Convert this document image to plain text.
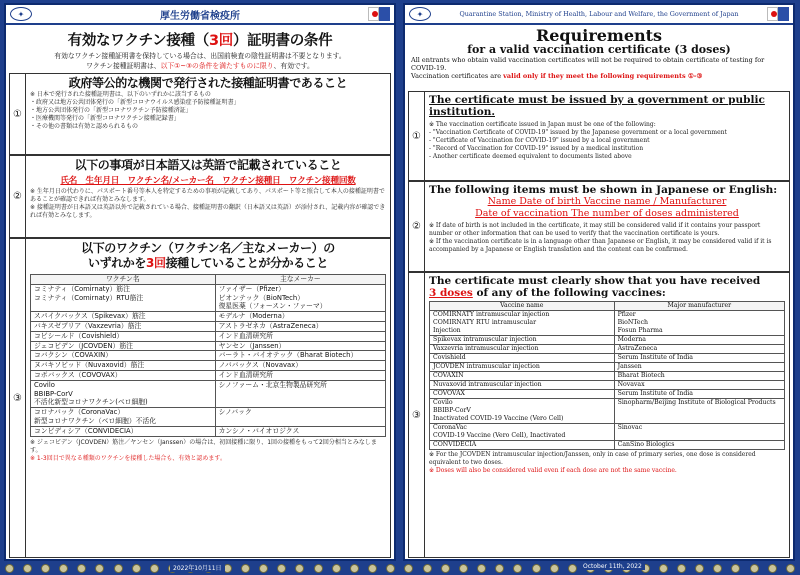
✦	厚生労働省検疫所
有効なワクチン接種（3回）証明書の条件
有効なワクチン接種証明書を保持している場合は、出国前検査の陰性証明書は不要となります。
ワクチン接種証明書は、以下①~③の条件を満たすものに限り、有効です。
①
政府等公的な機関で発行された接種証明書であること
※ 日本で発行された接種証明書は、以下のいずれかに該当するもの
・政府又は地方公共団体発行の「新型コロナウイルス感染症予防接種証明書」
・地方公共団体発行の「新型コロナワクチン予防接種済証」
・医療機関等発行の「新型コロナワクチン接種記録書」
・その他の書類は有効と認められるもの
②
以下の事項が日本語又は英語で記載されていること
氏名　生年月日　ワクチン名/メーカー名　ワクチン接種日　ワクチン接種回数
※ 生年月日の代わりに、パスポート番号等本人を特定するための事項が記載してあり、パスポート等と照合して本人の接種証明書であることが確認できれば有効とみなします。
※ 接種証明書が日本語又は英語以外で記載されている場合、接種証明書の翻訳（日本語又は英語）が添付され、記載内容が確認できれば有効とみなします。
③
以下のワクチン（ワクチン名／主なメーカー）の
いずれかを3回接種していることが分かること
ワクチン名	主なメーカー
コミナティ（Comirnaty）筋注
コミナティ（Comirnaty）RTU筋注	ファイザー（Pfizer）
ビオンテック（BioNTech）
復星医薬（フォースン・ファーマ）
スパイクバックス（Spikevax）筋注	モデルナ（Moderna）
バキスゼブリア（Vaxzevria）筋注	アストラゼネカ（AstraZeneca）
コビシールド（Covishield）	インド血清研究所
ジェコビデン（JCOVDEN）筋注	ヤンセン（Janssen）
コバクシン（COVAXIN）	バーラト・バイオテック（Bharat Biotech）
ヌバキソビッド（Nuvaxovid）筋注	ノババックス（Novavax）
コボバックス（COVOVAX）	インド血清研究所
Covilo
BBIBP-CorV
不活化新型コロナワクチン(ベロ細胞)	シノファーム・北京生物製品研究所
コロナバック（CoronaVac）
新型コロナワクチン（ベロ細胞）不活化	シノバック
コンビディシア（CONVIDECIA）	カンシノ・バイオロジクス
※ ジェコビデン（JCOVDEN）筋注／ヤンセン（Janssen）の場合は、初回接種に限り、1回の接種をもって2回分相当とみなします。
※ 1-3回目で異なる種類のワクチンを接種した場合も、有効と認めます。
✦	Quarantine Station, Ministry of Health, Labour and Welfare, the Government of Japan
Requirements
for a valid vaccination certificate (3 doses)
All entrants who obtain valid vaccination certificates will not be required to obtain certificate of testing for COVID-19.
Vaccination certificates are valid only if they meet the following requirements ①-③
①
The certificate must be issued by a government or public institution.
※ The vaccination certificate issued in Japan must be one of the following:
- "Vaccination Certificate of COVID-19" issued by the Japanese government or a local government
- "Certificate of Vaccination for COVID-19" issued by a local government
- "Record of Vaccination for COVID-19" issued by a medical institution
- Another certificate deemed equivalent to documents listed above
②
The following items must be shown in Japanese or English:
Name Date of birth Vaccine name / Manufacturer
Date of vaccination The number of doses administered
※ If date of birth is not included in the certificate, it may still be considered valid if it contains your passport number or other information that can be used to verify that the vaccination certificate is yours.
※ If the vaccination certificate is in a language other than Japanese or English, it may be considered valid if it is accompanied by a Japanese or English translation and the content can be confirmed.
③
The certificate must clearly show that you have received
3 doses of any of the following vaccines:
Vaccine name	Major manufacturer
COMIRNATY intramuscular injection
COMIRNATY RTU intramuscular
Injection	Pfizer
BioNTech
Fosun Pharma
Spikevax intramuscular injection	Moderna
Vaxzevria intramuscular injection	AstraZeneca
Covishield	Serum Institute of India
JCOVDEN intramuscular injection	Janssen
COVAXIN	Bharat Biotech
Nuvaxovid intramuscular injection	Novavax
COVOVAX	Serum Institute of India
Covilo
BBIBP-CorV
Inactivated COVID-19 Vaccine (Vero Cell)	Sinopharm/Beijing Institute of Biological Products
CoronaVac
COVID-19 Vaccine (Vero Cell), Inactivated	Sinovac
CONVIDECIA	CanSino Biologics
※ For the JCOVDEN intramuscular injection/Janssen, only in case of primary series, one dose is considered equivalent to two doses.
※ Doses will also be considered valid even if each dose are not the same vaccine.
2022年10月11日	October 11th, 2022
